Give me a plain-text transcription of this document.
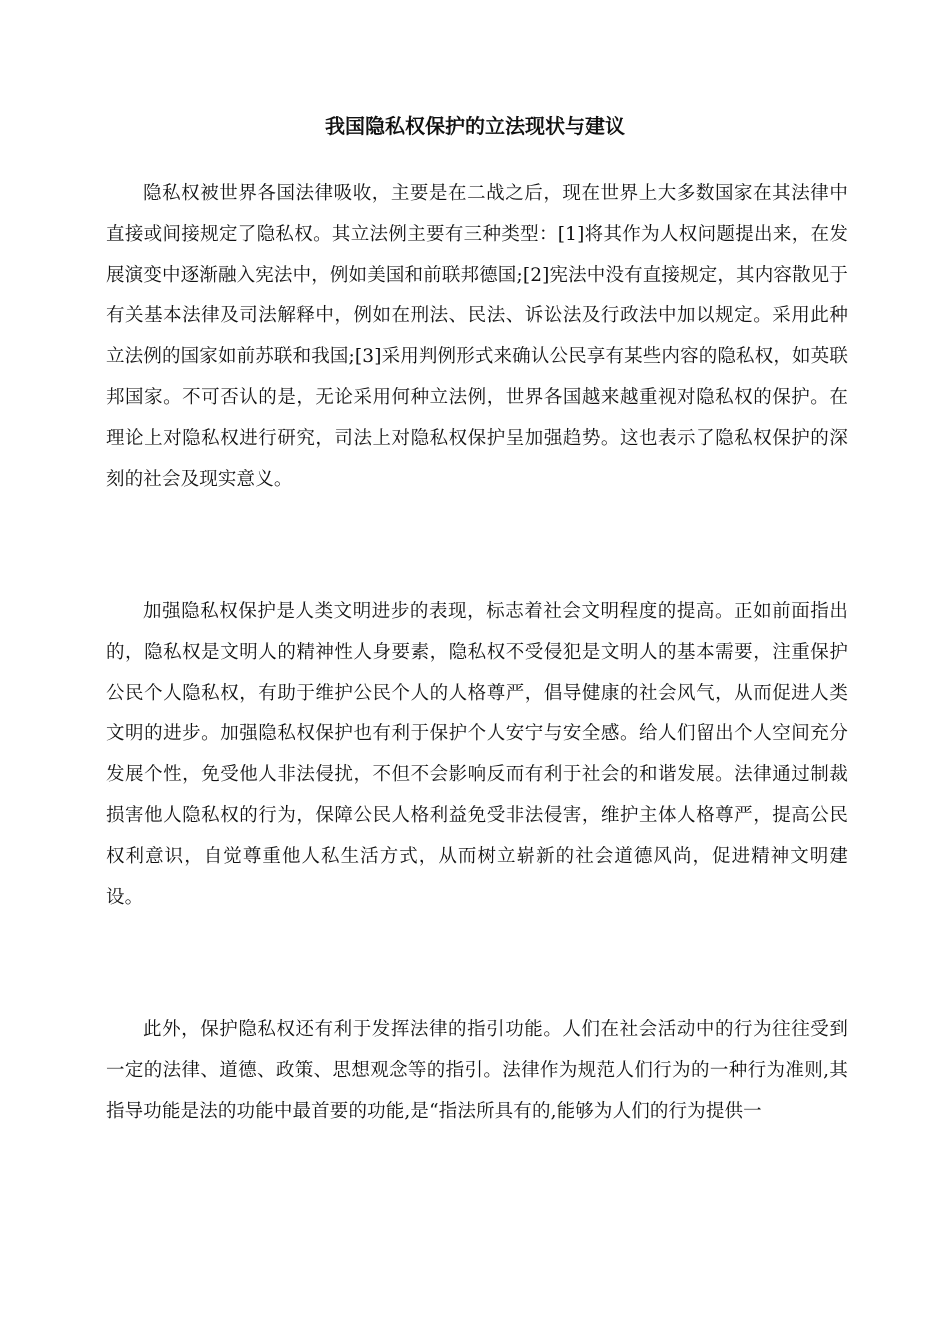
我国隐私权保护的立法现状与建议

隐私权被世界各国法律吸收，主要是在二战之后，现在世界上大多数国家在其法律中直接或间接规定了隐私权。其立法例主要有三种类型：[1]将其作为人权问题提出来，在发展演变中逐渐融入宪法中，例如美国和前联邦德国;[2]宪法中没有直接规定，其内容散见于有关基本法律及司法解释中，例如在刑法、民法、诉讼法及行政法中加以规定。采用此种立法例的国家如前苏联和我国;[3]采用判例形式来确认公民享有某些内容的隐私权，如英联邦国家。不可否认的是，无论采用何种立法例，世界各国越来越重视对隐私权的保护。在理论上对隐私权进行研究，司法上对隐私权保护呈加强趋势。这也表示了隐私权保护的深刻的社会及现实意义。

加强隐私权保护是人类文明进步的表现，标志着社会文明程度的提高。正如前面指出的，隐私权是文明人的精神性人身要素，隐私权不受侵犯是文明人的基本需要，注重保护公民个人隐私权，有助于维护公民个人的人格尊严，倡导健康的社会风气，从而促进人类文明的进步。加强隐私权保护也有利于保护个人安宁与安全感。给人们留出个人空间充分发展个性，免受他人非法侵扰，不但不会影响反而有利于社会的和谐发展。法律通过制裁损害他人隐私权的行为，保障公民人格利益免受非法侵害，维护主体人格尊严，提高公民权利意识，自觉尊重他人私生活方式，从而树立崭新的社会道德风尚，促进精神文明建设。

此外，保护隐私权还有利于发挥法律的指引功能。人们在社会活动中的行为往往受到一定的法律、道德、政策、思想观念等的指引。法律作为规范人们行为的一种行为准则,其指导功能是法的功能中最首要的功能,是“指法所具有的,能够为人们的行为提供一
